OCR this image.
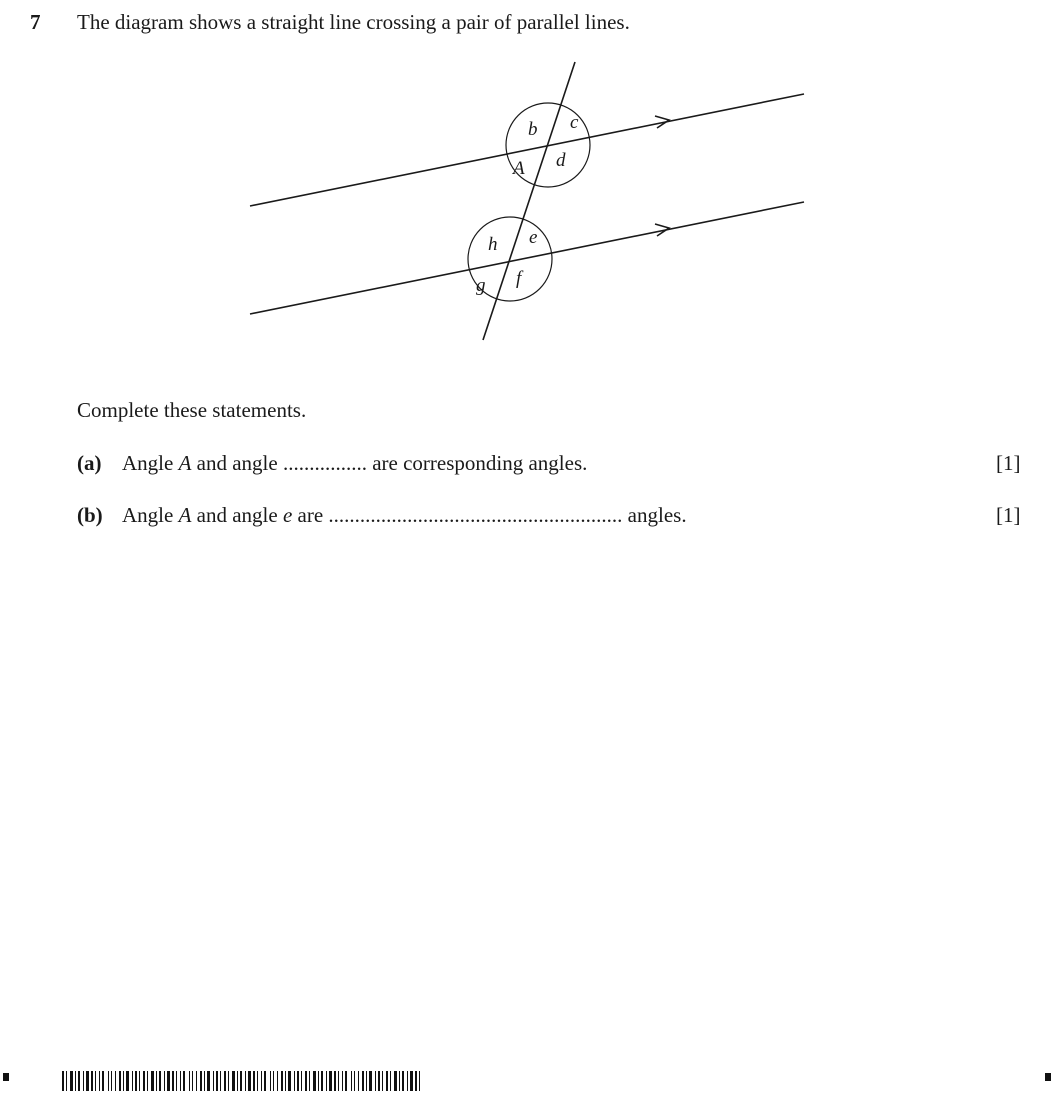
7 The diagram shows a straight line crossing a pair of parallel lines.
b c
A d
h e
g f
Complete these statements.
(a) Angle A and angle ................ are corresponding angles.	[1]
(b) Angle A and angle e are ........................................................ angles.	[1]
